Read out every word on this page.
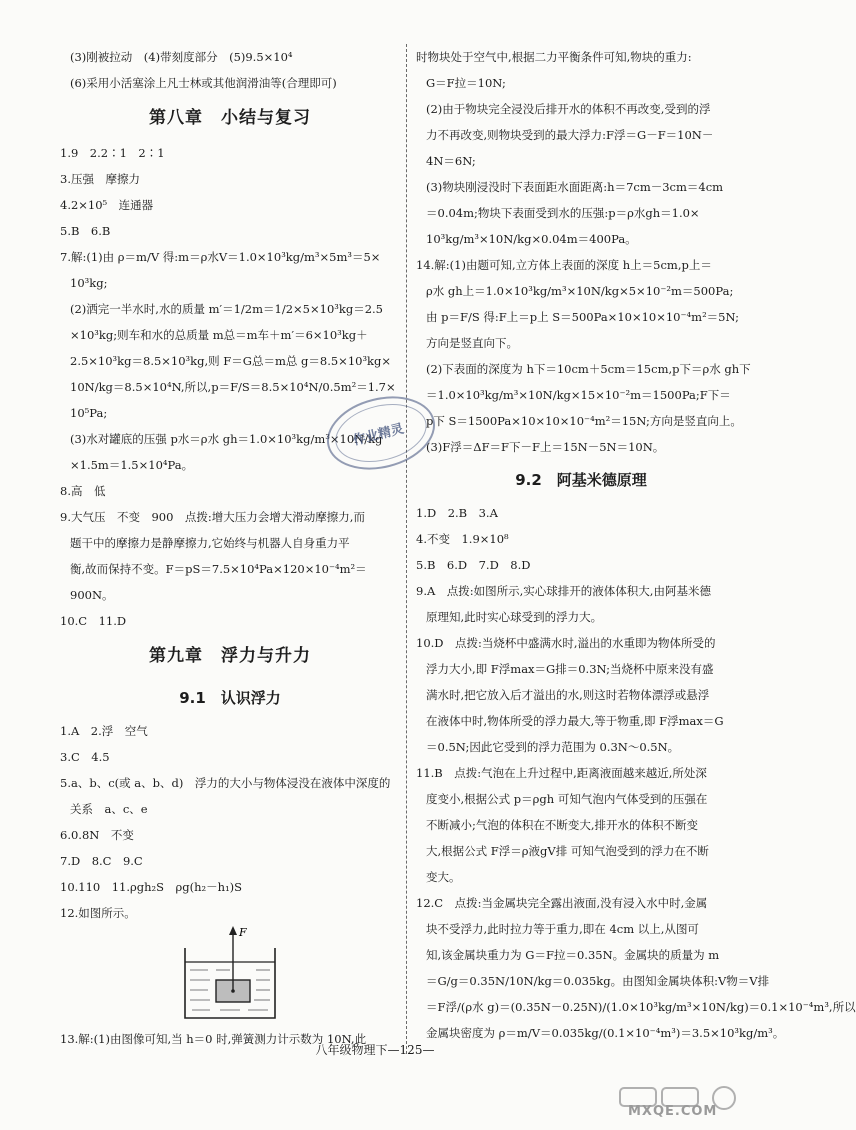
(3)刚被拉动　(4)带刻度部分　(5)9.5×10⁴
(6)采用小活塞涂上凡士林或其他润滑油等(合理即可)
第八章　小结与复习
1.9　2.2∶1　2∶1
3.压强　摩擦力
4.2×10⁵　连通器
5.B　6.B
7.解:(1)由 ρ＝m/V 得:m＝ρ水V＝1.0×10³kg/m³×5m³＝5×
10³kg;
(2)洒完一半水时,水的质量 m′＝1/2m＝1/2×5×10³kg＝2.5
×10³kg;则车和水的总质量 m总＝m车＋m′＝6×10³kg＋
2.5×10³kg＝8.5×10³kg,则 F＝G总＝m总 g＝8.5×10³kg×
10N/kg＝8.5×10⁴N,所以,p＝F/S＝8.5×10⁴N/0.5m²＝1.7×
10⁵Pa;
(3)水对罐底的压强 p水＝ρ水 gh＝1.0×10³kg/m³×10N/kg
×1.5m＝1.5×10⁴Pa。
8.高　低
9.大气压　不变　900　点拨:增大压力会增大滑动摩擦力,而
题干中的摩擦力是静摩擦力,它始终与机器人自身重力平
衡,故而保持不变。F＝pS＝7.5×10⁴Pa×120×10⁻⁴m²＝
900N。
10.C　11.D
第九章　浮力与升力
9.1　认识浮力
1.A　2.浮　空气
3.C　4.5
5.a、b、c(或 a、b、d)　浮力的大小与物体浸没在液体中深度的
关系　a、c、e
6.0.8N　不变
7.D　8.C　9.C
10.110　11.ρgh₂S　ρg(h₂－h₁)S
12.如图所示。
F
13.解:(1)由图像可知,当 h＝0 时,弹簧测力计示数为 10N,此
时物块处于空气中,根据二力平衡条件可知,物块的重力:
G＝F拉＝10N;
(2)由于物块完全浸没后排开水的体积不再改变,受到的浮
力不再改变,则物块受到的最大浮力:F浮＝G－F＝10N－
4N＝6N;
(3)物块刚浸没时下表面距水面距离:h＝7cm－3cm＝4cm
＝0.04m;物块下表面受到水的压强:p＝ρ水gh＝1.0×
10³kg/m³×10N/kg×0.04m＝400Pa。
14.解:(1)由题可知,立方体上表面的深度 h上＝5cm,p上＝
ρ水 gh上＝1.0×10³kg/m³×10N/kg×5×10⁻²m＝500Pa;
由 p＝F/S 得:F上＝p上 S＝500Pa×10×10×10⁻⁴m²＝5N;
方向是竖直向下。
(2)下表面的深度为 h下＝10cm＋5cm＝15cm,p下＝ρ水 gh下
＝1.0×10³kg/m³×10N/kg×15×10⁻²m＝1500Pa;F下＝
p下 S＝1500Pa×10×10×10⁻⁴m²＝15N;方向是竖直向上。
(3)F浮＝ΔF＝F下－F上＝15N－5N＝10N。
9.2　阿基米德原理
1.D　2.B　3.A
4.不变　1.9×10⁸
5.B　6.D　7.D　8.D
9.A　点拨:如图所示,实心球排开的液体体积大,由阿基米德
原理知,此时实心球受到的浮力大。
10.D　点拨:当烧杯中盛满水时,溢出的水重即为物体所受的
浮力大小,即 F浮max＝G排＝0.3N;当烧杯中原来没有盛
满水时,把它放入后才溢出的水,则这时若物体漂浮或悬浮
在液体中时,物体所受的浮力最大,等于物重,即 F浮max＝G
＝0.5N;因此它受到的浮力范围为 0.3N～0.5N。
11.B　点拨:气泡在上升过程中,距离液面越来越近,所处深
度变小,根据公式 p＝ρgh 可知气泡内气体受到的压强在
不断减小;气泡的体积在不断变大,排开水的体积不断变
大,根据公式 F浮＝ρ液gV排 可知气泡受到的浮力在不断
变大。
12.C　点拨:当金属块完全露出液面,没有浸入水中时,金属
块不受浮力,此时拉力等于重力,即在 4cm 以上,从图可
知,该金属块重力为 G＝F拉＝0.35N。金属块的质量为 m
＝G/g＝0.35N/10N/kg＝0.035kg。由图知金属块体积:V物＝V排
＝F浮/(ρ水 g)＝(0.35N－0.25N)/(1.0×10³kg/m³×10N/kg)＝0.1×10⁻⁴m³,所以
金属块密度为 ρ＝m/V＝0.035kg/(0.1×10⁻⁴m³)＝3.5×10³kg/m³。
作业精灵
八年级物理下—125—
MXQE.COM
